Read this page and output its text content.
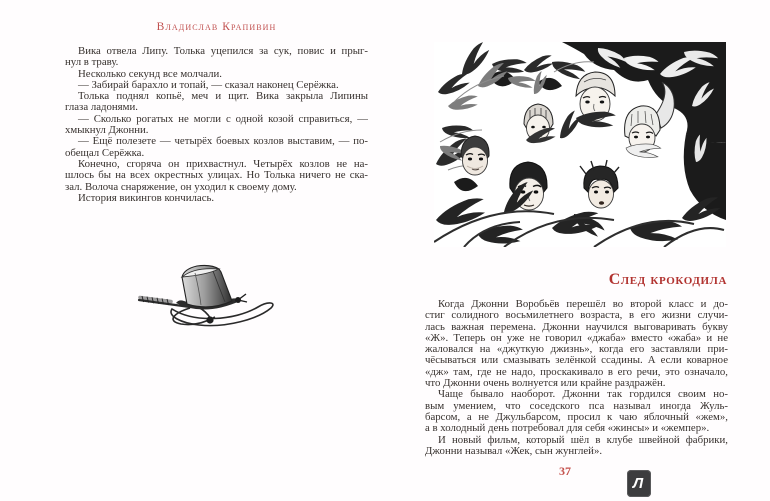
Владислав Крапивин
Вика отвела Липу. Толька уцепился за сук, повис и прыг-
нул в траву.
Несколько секунд все молчали.
— Забирай барахло и топай, — сказал наконец Серёжка.
Толька поднял копьё, меч и щит. Вика закрыла Липины
глаза ладонями.
— Сколько рогатых не могли с одной козой справиться, —
хмыкнул Джонни.
— Ещё полезете — четырёх боевых козлов выставим, — по-
обещал Серёжка.
Конечно, сгоряча он прихвастнул. Четырёх козлов не на-
шлось бы на всех окрестных улицах. Но Толька ничего не ска-
зал. Волоча снаряжение, он уходил к своему дому.
История викингов кончилась.
След крокодила
Когда Джонни Воробьёв перешёл во второй класс и до-
стиг солидного восьмилетнего возраста, в его жизни случи-
лась важная перемена. Джонни научился выговаривать букву
«Ж». Теперь он уже не говорил «джаба» вместо «жаба» и не
жаловался на «джуткую джизнь», когда его заставляли при-
чёсываться или смазывать зелёнкой ссадины. А если коварное
«дж» там, где не надо, проскакивало в его речи, это означало,
что Джонни очень волнуется или крайне раздражён.
Чаще бывало наоборот. Джонни так гордился своим но-
вым умением, что соседского пса называл иногда Жуль-
барсом, а не Джульбарсом, просил к чаю яблочный «жем»,
а в холодный день потребовал для себя «жинсы» и «жемпер».
И новый фильм, который шёл в клубе швейной фабрики,
Джонни называл «Жек, сын жунглей».
37
Л
